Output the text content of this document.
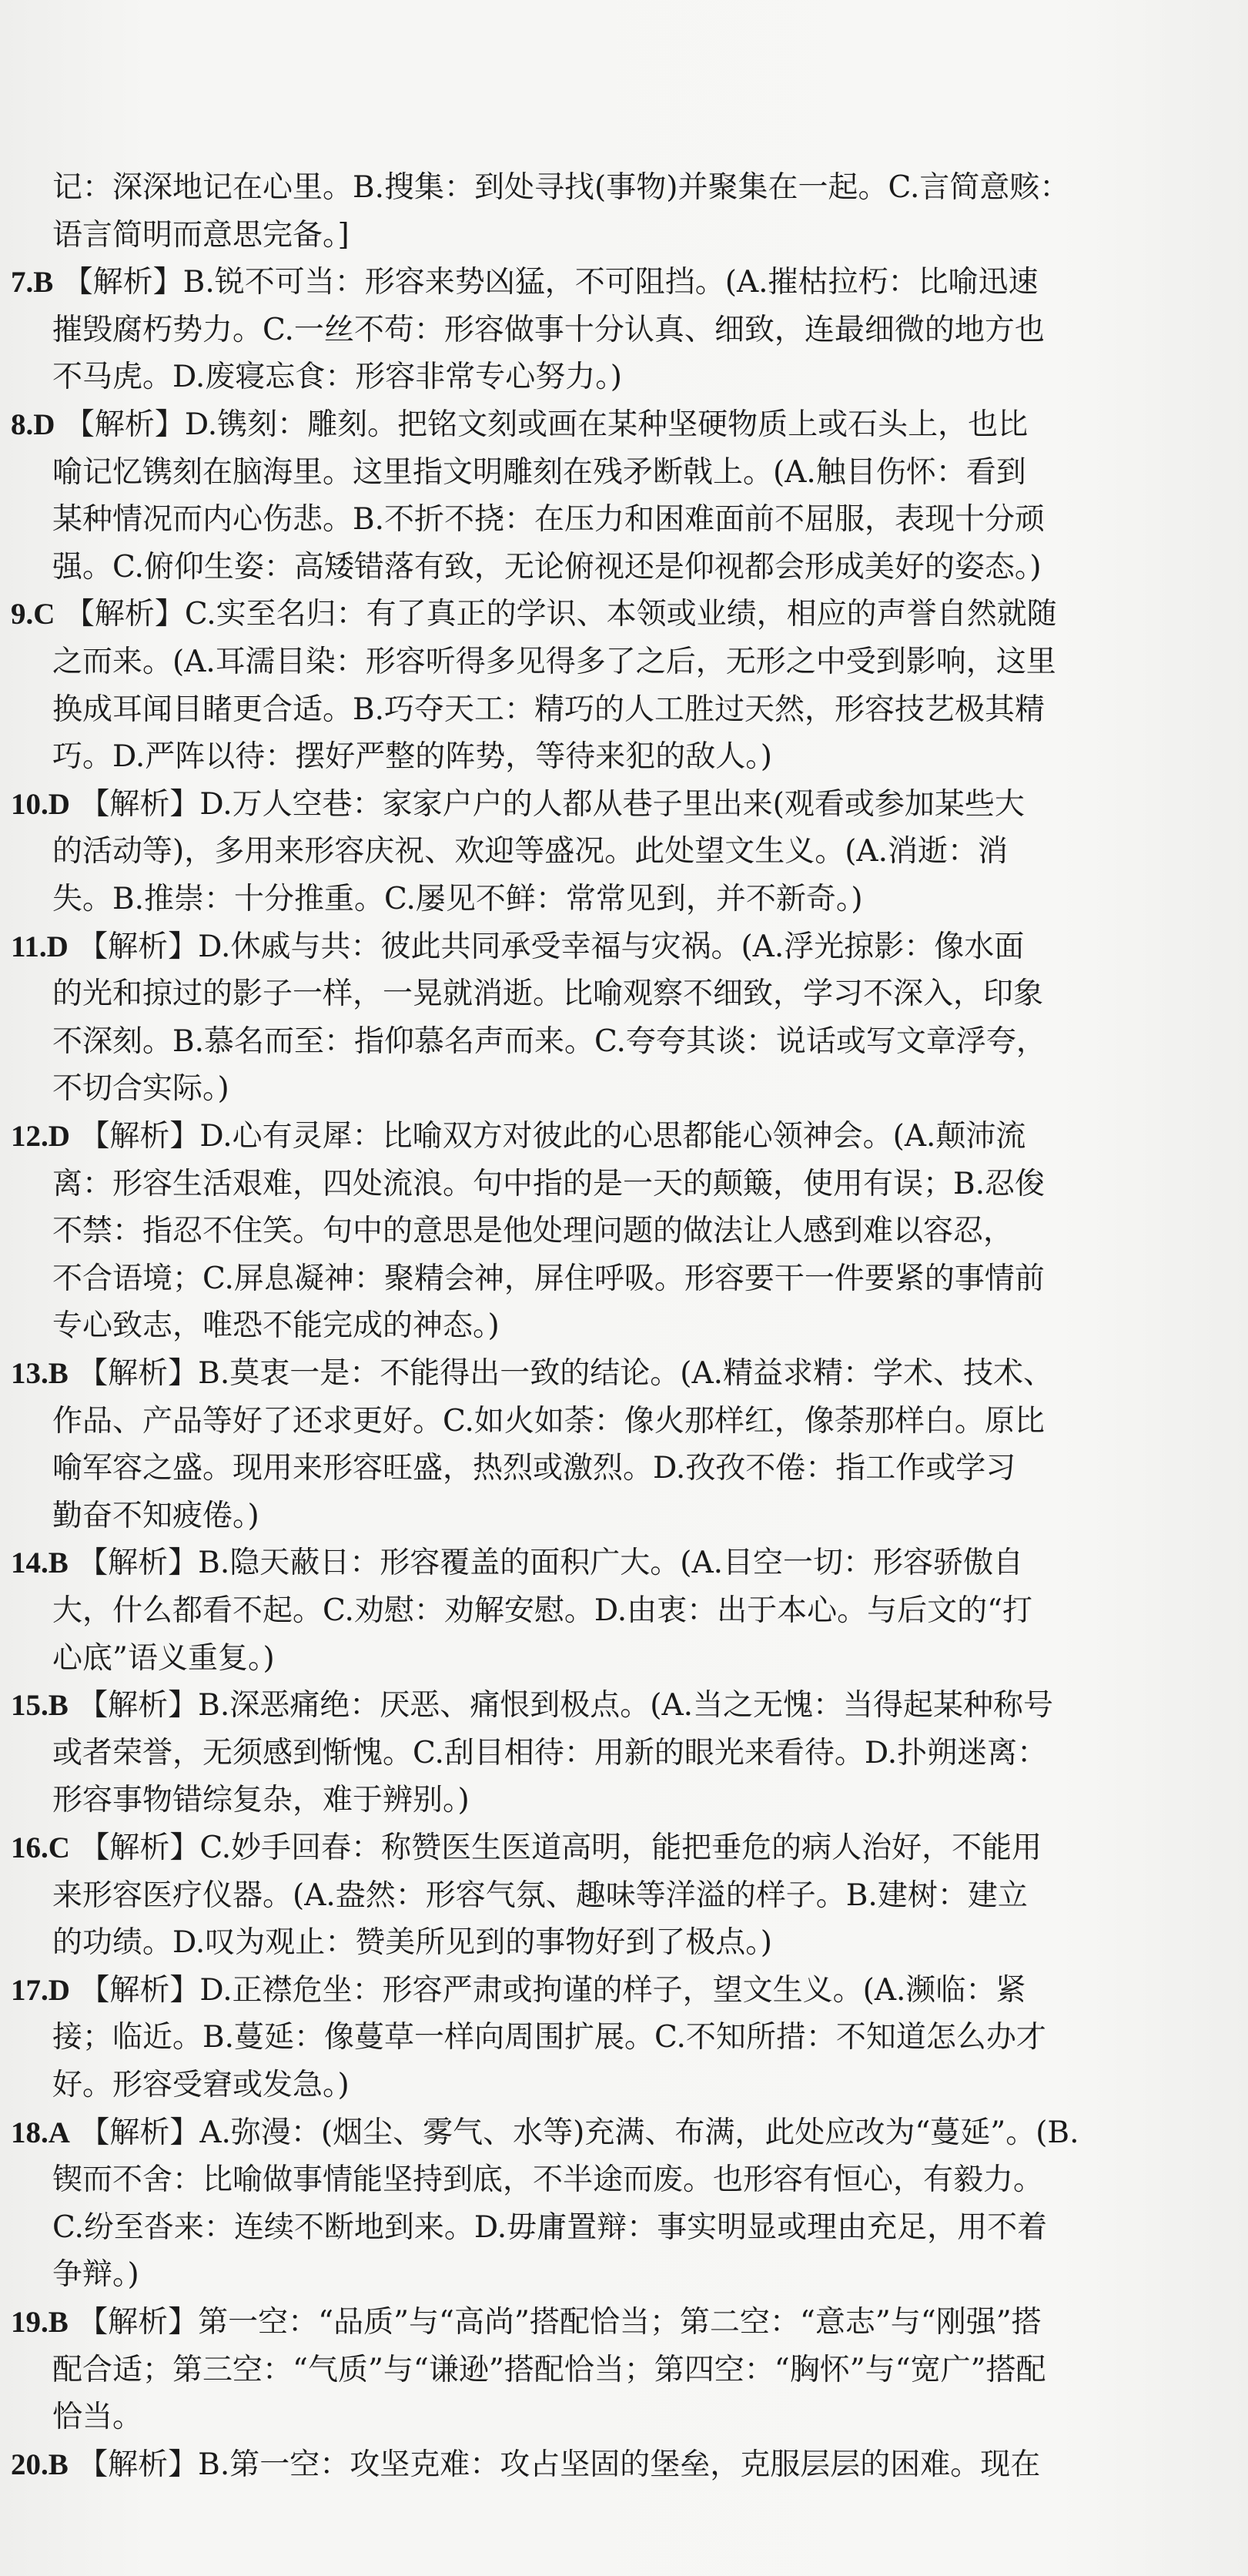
记：深深地记在心里。B.搜集：到处寻找(事物)并聚集在一起。C.言简意赅：
语言简明而意思完备。]
7.B 【解析】B.锐不可当：形容来势凶猛，不可阻挡。(A.摧枯拉朽：比喻迅速
摧毁腐朽势力。C.一丝不苟：形容做事十分认真、细致，连最细微的地方也
不马虎。D.废寝忘食：形容非常专心努力。)
8.D 【解析】D.镌刻：雕刻。把铭文刻或画在某种坚硬物质上或石头上，也比
喻记忆镌刻在脑海里。这里指文明雕刻在残矛断戟上。(A.触目伤怀：看到
某种情况而内心伤悲。B.不折不挠：在压力和困难面前不屈服，表现十分顽
强。C.俯仰生姿：高矮错落有致，无论俯视还是仰视都会形成美好的姿态。)
9.C 【解析】C.实至名归：有了真正的学识、本领或业绩，相应的声誉自然就随
之而来。(A.耳濡目染：形容听得多见得多了之后，无形之中受到影响，这里
换成耳闻目睹更合适。B.巧夺天工：精巧的人工胜过天然，形容技艺极其精
巧。D.严阵以待：摆好严整的阵势，等待来犯的敌人。)
10.D 【解析】D.万人空巷：家家户户的人都从巷子里出来(观看或参加某些大
的活动等)，多用来形容庆祝、欢迎等盛况。此处望文生义。(A.消逝：消
失。B.推崇：十分推重。C.屡见不鲜：常常见到，并不新奇。)
11.D 【解析】D.休戚与共：彼此共同承受幸福与灾祸。(A.浮光掠影：像水面
的光和掠过的影子一样，一晃就消逝。比喻观察不细致，学习不深入，印象
不深刻。B.慕名而至：指仰慕名声而来。C.夸夸其谈：说话或写文章浮夸，
不切合实际。)
12.D 【解析】D.心有灵犀：比喻双方对彼此的心思都能心领神会。(A.颠沛流
离：形容生活艰难，四处流浪。句中指的是一天的颠簸，使用有误；B.忍俊
不禁：指忍不住笑。句中的意思是他处理问题的做法让人感到难以容忍，
不合语境；C.屏息凝神：聚精会神，屏住呼吸。形容要干一件要紧的事情前
专心致志，唯恐不能完成的神态。)
13.B 【解析】B.莫衷一是：不能得出一致的结论。(A.精益求精：学术、技术、
作品、产品等好了还求更好。C.如火如荼：像火那样红，像荼那样白。原比
喻军容之盛。现用来形容旺盛，热烈或激烈。D.孜孜不倦：指工作或学习
勤奋不知疲倦。)
14.B 【解析】B.隐天蔽日：形容覆盖的面积广大。(A.目空一切：形容骄傲自
大，什么都看不起。C.劝慰：劝解安慰。D.由衷：出于本心。与后文的“打
心底”语义重复。)
15.B 【解析】B.深恶痛绝：厌恶、痛恨到极点。(A.当之无愧：当得起某种称号
或者荣誉，无须感到惭愧。C.刮目相待：用新的眼光来看待。D.扑朔迷离：
形容事物错综复杂，难于辨别。)
16.C 【解析】C.妙手回春：称赞医生医道高明，能把垂危的病人治好，不能用
来形容医疗仪器。(A.盎然：形容气氛、趣味等洋溢的样子。B.建树：建立
的功绩。D.叹为观止：赞美所见到的事物好到了极点。)
17.D 【解析】D.正襟危坐：形容严肃或拘谨的样子，望文生义。(A.濒临：紧
接；临近。B.蔓延：像蔓草一样向周围扩展。C.不知所措：不知道怎么办才
好。形容受窘或发急。)
18.A 【解析】A.弥漫：(烟尘、雾气、水等)充满、布满，此处应改为“蔓延”。(B.
锲而不舍：比喻做事情能坚持到底，不半途而废。也形容有恒心，有毅力。
C.纷至沓来：连续不断地到来。D.毋庸置辩：事实明显或理由充足，用不着
争辩。)
19.B 【解析】第一空：“品质”与“高尚”搭配恰当；第二空：“意志”与“刚强”搭
配合适；第三空：“气质”与“谦逊”搭配恰当；第四空：“胸怀”与“宽广”搭配
恰当。
20.B 【解析】B.第一空：攻坚克难：攻占坚固的堡垒，克服层层的困难。现在
